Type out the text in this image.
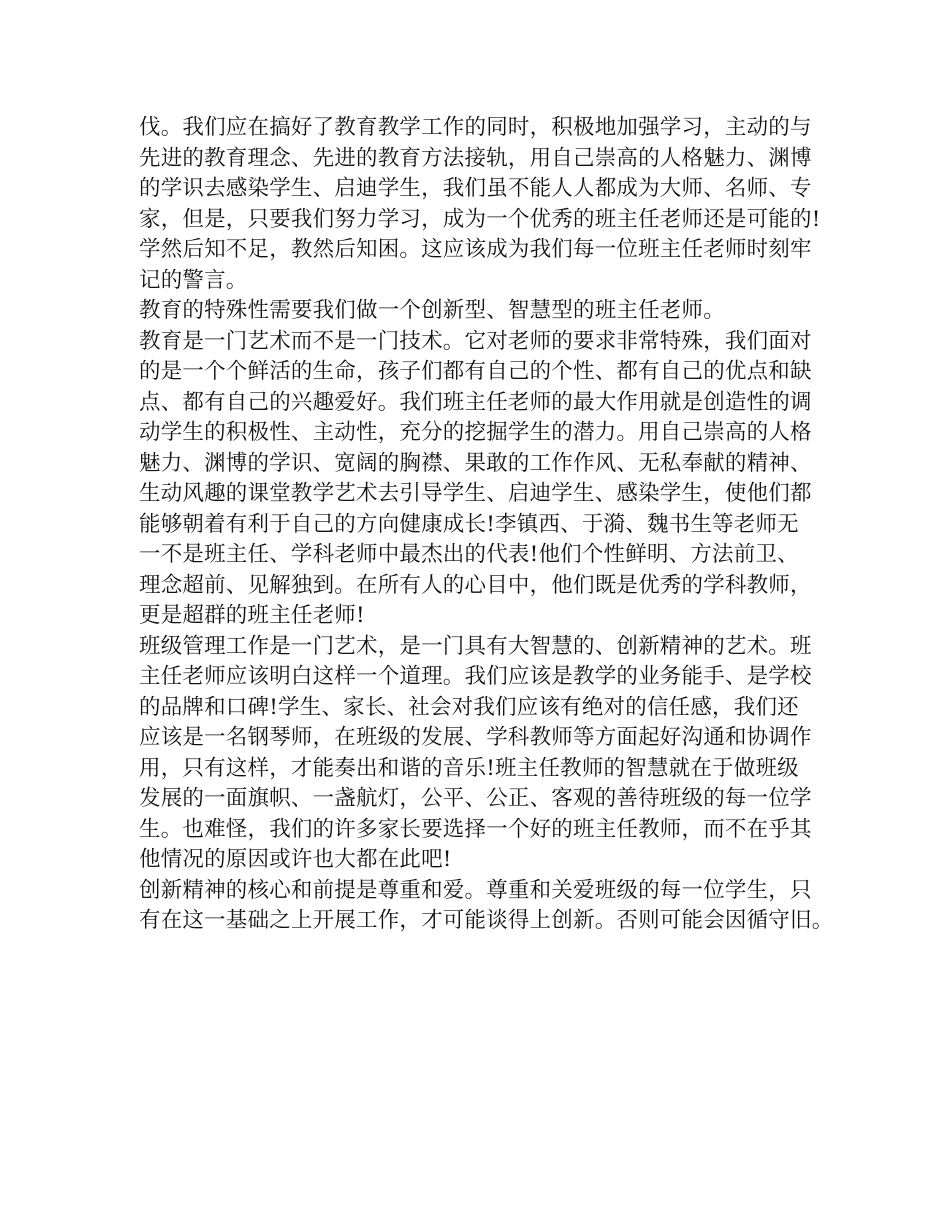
伐。我们应在搞好了教育教学工作的同时，积极地加强学习，主动的与
先进的教育理念、先进的教育方法接轨，用自己崇高的人格魅力、渊博
的学识去感染学生、启迪学生，我们虽不能人人都成为大师、名师、专
家，但是，只要我们努力学习，成为一个优秀的班主任老师还是可能的!
学然后知不足，教然后知困。这应该成为我们每一位班主任老师时刻牢
记的警言。
教育的特殊性需要我们做一个创新型、智慧型的班主任老师。
教育是一门艺术而不是一门技术。它对老师的要求非常特殊，我们面对
的是一个个鲜活的生命，孩子们都有自己的个性、都有自己的优点和缺
点、都有自己的兴趣爱好。我们班主任老师的最大作用就是创造性的调
动学生的积极性、主动性，充分的挖掘学生的潜力。用自己崇高的人格
魅力、渊博的学识、宽阔的胸襟、果敢的工作作风、无私奉献的精神、
生动风趣的课堂教学艺术去引导学生、启迪学生、感染学生，使他们都
能够朝着有利于自己的方向健康成长!李镇西、于漪、魏书生等老师无
一不是班主任、学科老师中最杰出的代表!他们个性鲜明、方法前卫、
理念超前、见解独到。在所有人的心目中，他们既是优秀的学科教师，
更是超群的班主任老师!
班级管理工作是一门艺术，是一门具有大智慧的、创新精神的艺术。班
主任老师应该明白这样一个道理。我们应该是教学的业务能手、是学校
的品牌和口碑!学生、家长、社会对我们应该有绝对的信任感，我们还
应该是一名钢琴师，在班级的发展、学科教师等方面起好沟通和协调作
用，只有这样，才能奏出和谐的音乐!班主任教师的智慧就在于做班级
发展的一面旗帜、一盏航灯，公平、公正、客观的善待班级的每一位学
生。也难怪，我们的许多家长要选择一个好的班主任教师，而不在乎其
他情况的原因或许也大都在此吧!
创新精神的核心和前提是尊重和爱。尊重和关爱班级的每一位学生，只
有在这一基础之上开展工作，才可能谈得上创新。否则可能会因循守旧。
